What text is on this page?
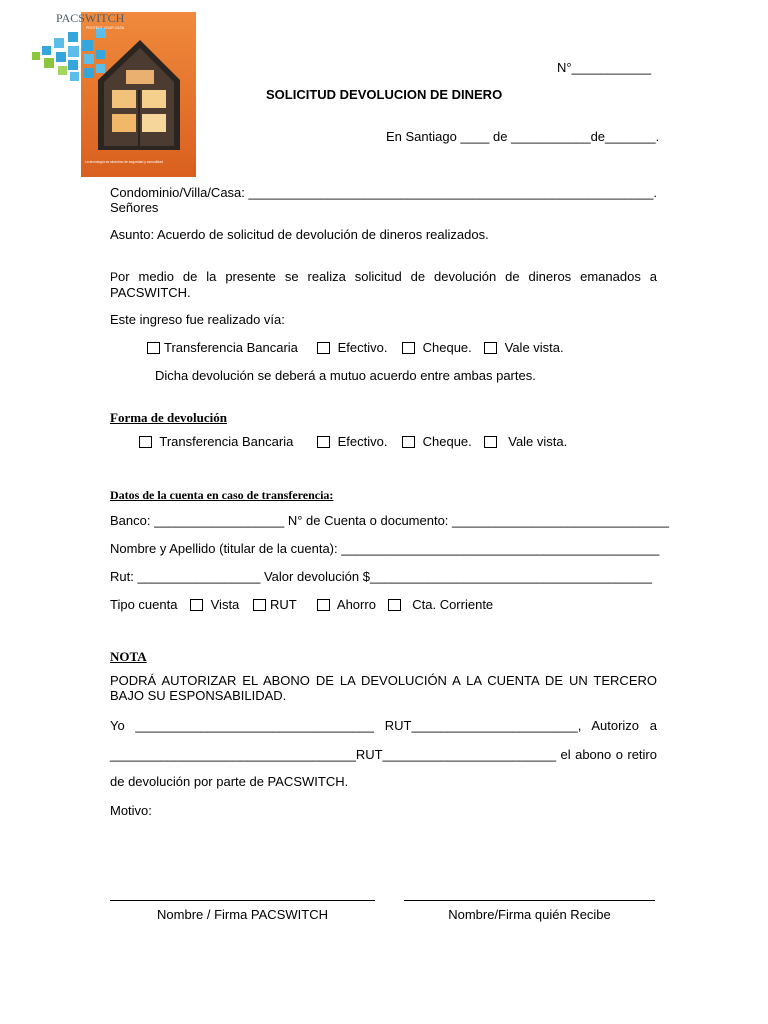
PACSWITCH
PROTECT YOUR CASA
La tecnología es sinónimo de seguridad y comodidad
N°___________
SOLICITUD DEVOLUCION DE DINERO
En Santiago ____ de ___________de_______.
Condominio/Villa/Casa: ________________________________________________________.
Señores
Asunto: Acuerdo de solicitud de devolución de dineros realizados.
Por medio de la presente se realiza solicitud de devolución de dineros emanados a PACSWITCH.
Este ingreso fue realizado vía:
Transferencia Bancaria	Efectivo.	Cheque.	Vale vista.
Dicha devolución se deberá a mutuo acuerdo entre ambas partes.
Forma de devolución
Transferencia Bancaria	Efectivo.	Cheque.	Vale vista.
Datos de la cuenta en caso de transferencia:
Banco: __________________ N° de Cuenta o documento: ______________________________
Nombre y Apellido (titular de la cuenta): ____________________________________________
Rut: _________________ Valor devolución $_______________________________________
Tipo cuenta	Vista	RUT	Ahorro	Cta. Corriente
NOTA
PODRÁ AUTORIZAR EL ABONO DE LA DEVOLUCIÓN A LA CUENTA DE UN TERCERO BAJO SU ESPONSABILIDAD.
Yo _________________________________ RUT_______________________, Autorizo a
__________________________________RUT________________________ el abono o retiro
de devolución por parte de PACSWITCH.
Motivo:
Nombre / Firma PACSWITCH	Nombre/Firma quién Recibe
